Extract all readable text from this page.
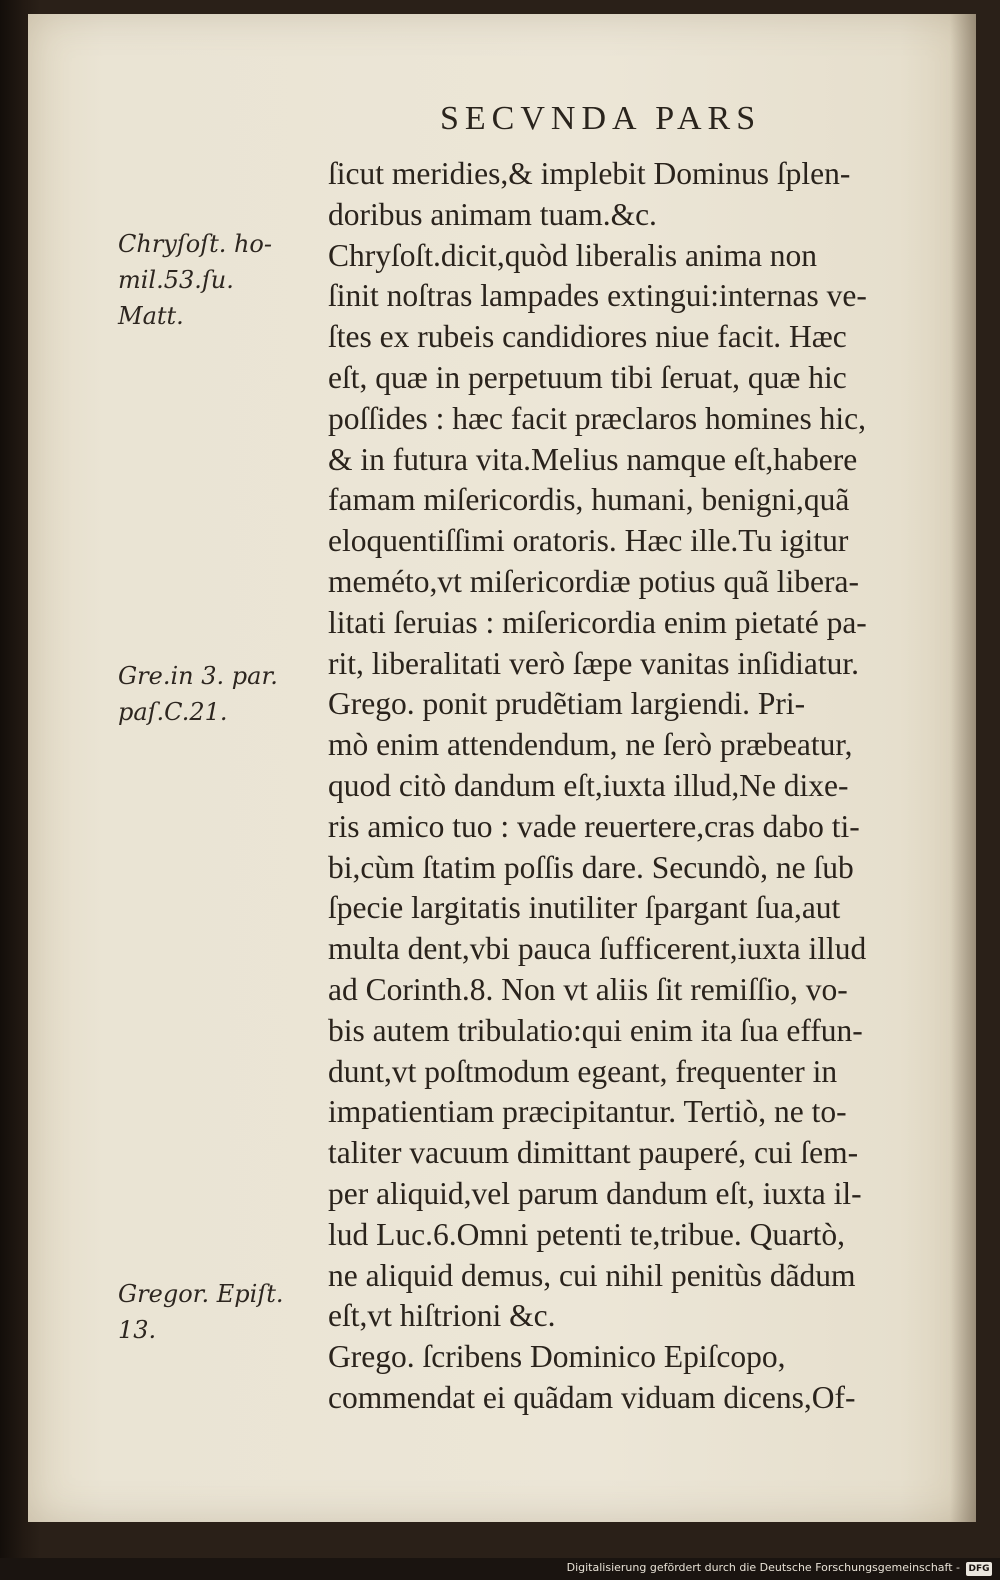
SECVNDA PARS
Chryſoſt. ho-
mil.53.ſu.
Matt.
Gre.in 3. par.
paſ.C.21.
Gregor. Epiſt.
13.
ſicut meridies,& implebit Dominus ſplen-
doribus animam tuam.&c.
Chryſoſt.dicit,quòd liberalis anima non
ſinit noſtras lampades extingui:internas ve-
ſtes ex rubeis candidiores niue facit. Hæc
eſt, quæ in perpetuum tibi ſeruat, quæ hic
poſſides : hæc facit præclaros homines hic,
& in futura vita.Melius namque eſt,habere
famam miſericordis, humani, benigni,quã
eloquentiſſimi oratoris. Hæc ille.Tu igitur
meméto,vt miſericordiæ potius quã libera-
litati ſeruias : miſericordia enim pietaté pa-
rit, liberalitati verò ſæpe vanitas inſidiatur.
Grego. ponit prudẽtiam largiendi. Pri-
mò enim attendendum, ne ſerò præbeatur,
quod citò dandum eſt,iuxta illud,Ne dixe-
ris amico tuo : vade reuertere,cras dabo ti-
bi,cùm ſtatim poſſis dare. Secundò, ne ſub
ſpecie largitatis inutiliter ſpargant ſua,aut
multa dent,vbi pauca ſufficerent,iuxta illud
ad Corinth.8. Non vt aliis ſit remiſſio, vo-
bis autem tribulatio:qui enim ita ſua effun-
dunt,vt poſtmodum egeant, frequenter in
impatientiam præcipitantur. Tertiò, ne to-
taliter vacuum dimittant pauperé, cui ſem-
per aliquid,vel parum dandum eſt, iuxta il-
lud Luc.6.Omni petenti te,tribue. Quartò,
ne aliquid demus, cui nihil penitùs dãdum
eſt,vt hiſtrioni &c.
Grego. ſcribens Dominico Epiſcopo,
commendat ei quãdam viduam dicens,Of-
Digitalisierung gefördert durch die Deutsche Forschungsgemeinschaft - DFG
